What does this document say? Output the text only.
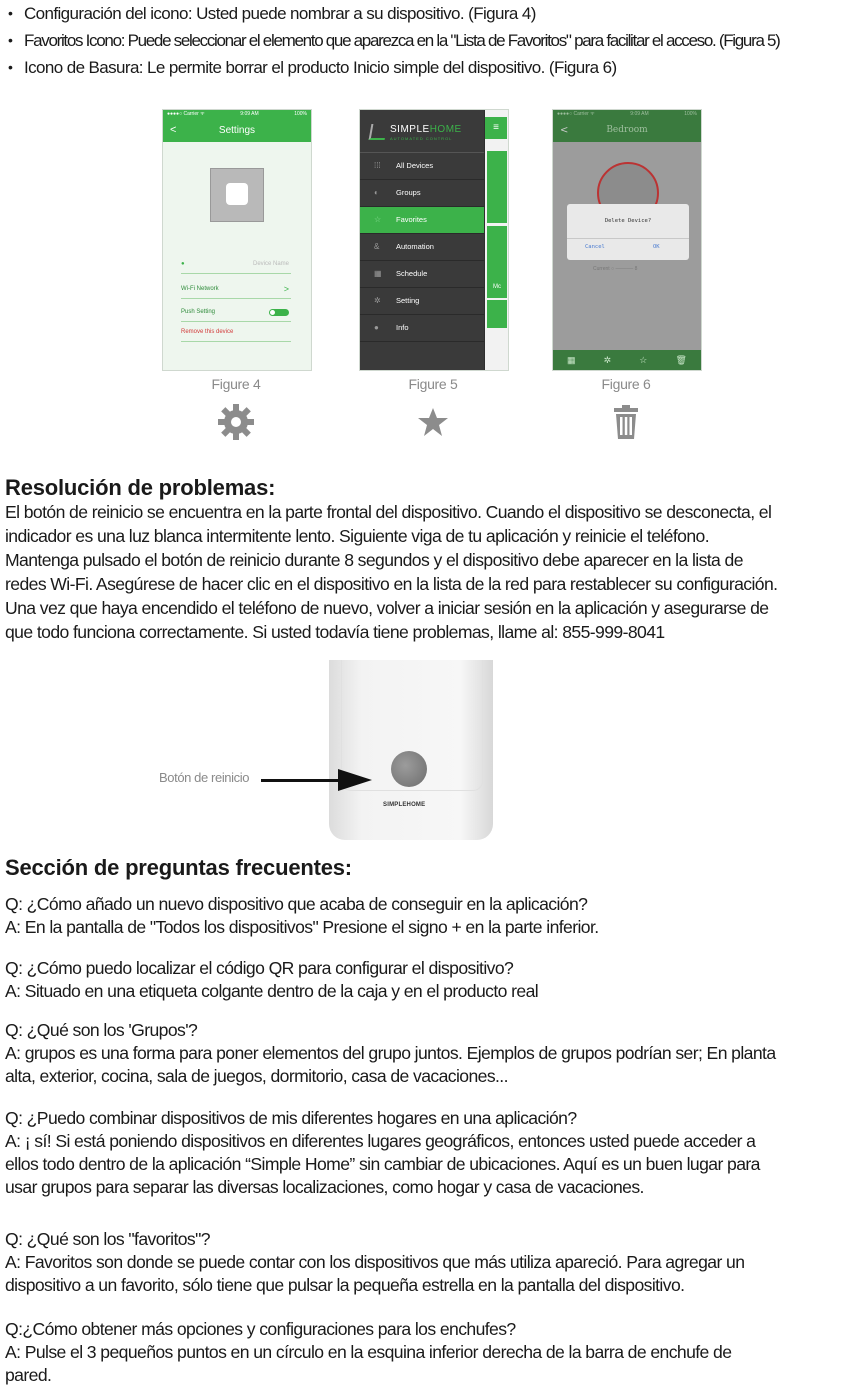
• Configuración del icono: Usted puede nombrar a su dispositivo. (Figura 4)
• Favoritos Icono: Puede seleccionar el elemento que aparezca en la "Lista de Favoritos" para facilitar el acceso. (Figura 5)
• Icono de Basura: Le permite borrar el producto Inicio simple del dispositivo. (Figura 6)
●●●●○ Carrier ᯤ	9:09 AM	100%
<	Settings
●	Device Name
Wi-Fi Network	>
Push Setting
Remove this device
Figure 4
SIMPLEHOME
AUTOMATED CONTROL
⁞⁞⁞ All Devices
◐ Groups
☆ Favorites
& Automation
▦ Schedule
✲ Setting
● Info
≡
Mc
Figure 5
●●●●○ Carrier ᯤ	9:09 AM	100%
<	Bedroom
Delete Device?
Cancel	OK
Current ○ ───── 8
▦	✲	☆	🗑
Figure 6
Resolución de problemas:

El botón de reinicio se encuentra en la parte frontal del dispositivo. Cuando el dispositivo se desconecta, el

indicador es una luz blanca intermitente lento. Siguiente viga de tu aplicación y reinicie el teléfono.

Mantenga pulsado el botón de reinicio durante 8 segundos y el dispositivo debe aparecer en la lista de

redes Wi-Fi. Asegúrese de hacer clic en el dispositivo en la lista de la red para restablecer su configuración.

Una vez que haya encendido el teléfono de nuevo, volver a iniciar sesión en la aplicación y asegurarse de

que todo funciona correctamente. Si usted todavía tiene problemas, llame al: 855-999-8041

SIMPLEHOME
Botón de reinicio
Sección de preguntas frecuentes:

Q: ¿Cómo añado un nuevo dispositivo que acaba de conseguir en la aplicación?

A: En la pantalla de "Todos los dispositivos" Presione el signo + en la parte inferior.

Q: ¿Cómo puedo localizar el código QR para configurar el dispositivo?

A: Situado en una etiqueta colgante dentro de la caja y en el producto real

Q: ¿Qué son los 'Grupos'?

A: grupos es una forma para poner elementos del grupo juntos. Ejemplos de grupos podrían ser; En planta

alta, exterior, cocina, sala de juegos, dormitorio, casa de vacaciones...

Q: ¿Puedo combinar dispositivos de mis diferentes hogares en una aplicación?

A: ¡ sí! Si está poniendo dispositivos en diferentes lugares geográficos, entonces usted puede acceder a

ellos todo dentro de la aplicación “Simple Home” sin cambiar de ubicaciones. Aquí es un buen lugar para

usar grupos para separar las diversas localizaciones, como hogar y casa de vacaciones.

Q: ¿Qué son los "favoritos"?

A: Favoritos son donde se puede contar con los dispositivos que más utiliza apareció. Para agregar un

dispositivo a un favorito, sólo tiene que pulsar la pequeña estrella en la pantalla del dispositivo.

Q:¿Cómo obtener más opciones y configuraciones para los enchufes?

A: Pulse el 3 pequeños puntos en un círculo en la esquina inferior derecha de la barra de enchufe de

pared.
